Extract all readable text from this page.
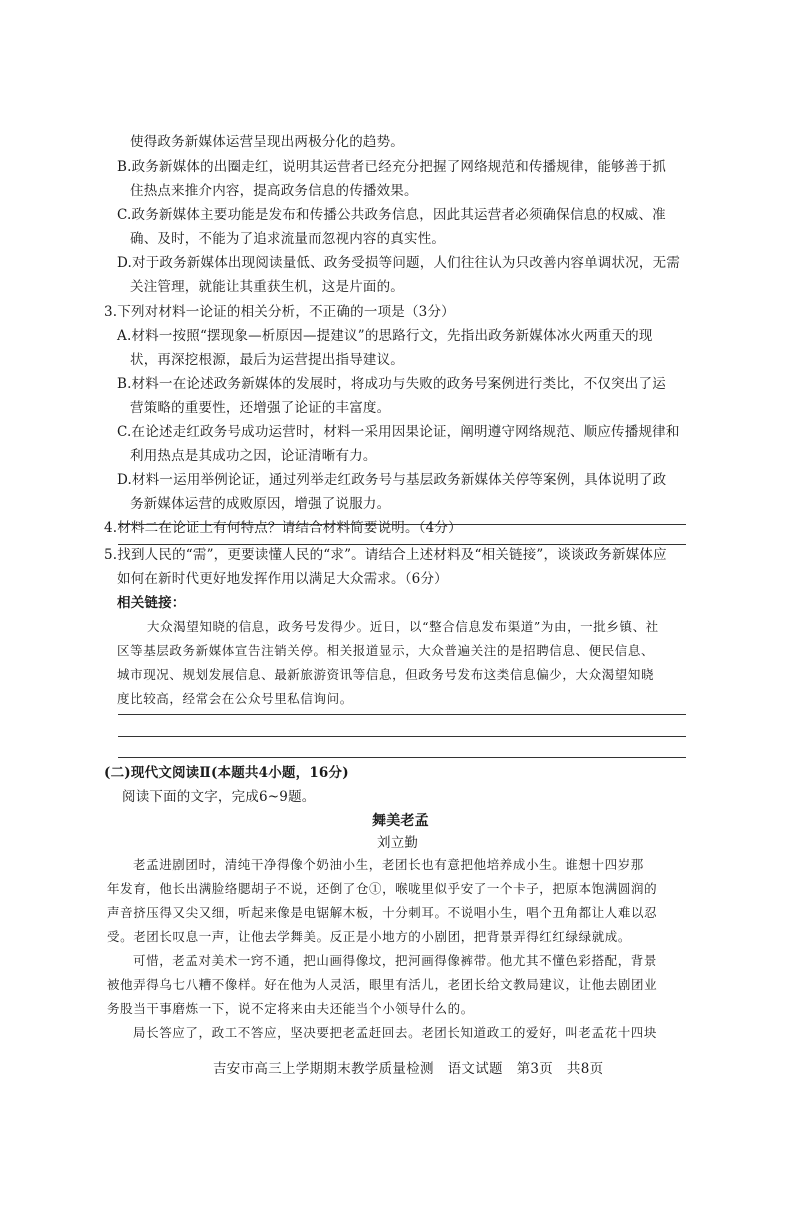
使得政务新媒体运营呈现出两极分化的趋势。
B.政务新媒体的出圈走红，说明其运营者已经充分把握了网络规范和传播规律，能够善于抓
住热点来推介内容，提高政务信息的传播效果。
C.政务新媒体主要功能是发布和传播公共政务信息，因此其运营者必须确保信息的权威、准
确、及时，不能为了追求流量而忽视内容的真实性。
D.对于政务新媒体出现阅读量低、政务受损等问题，人们往往认为只改善内容单调状况，无需
关注管理，就能让其重获生机，这是片面的。
3.下列对材料一论证的相关分析，不正确的一项是（3分）
A.材料一按照“摆现象—析原因—提建议”的思路行文，先指出政务新媒体冰火两重天的现
状，再深挖根源，最后为运营提出指导建议。
B.材料一在论述政务新媒体的发展时，将成功与失败的政务号案例进行类比，不仅突出了运
营策略的重要性，还增强了论证的丰富度。
C.在论述走红政务号成功运营时，材料一采用因果论证，阐明遵守网络规范、顺应传播规律和
利用热点是其成功之因，论证清晰有力。
D.材料一运用举例论证，通过列举走红政务号与基层政务新媒体关停等案例，具体说明了政
务新媒体运营的成败原因，增强了说服力。
4.材料二在论证上有何特点？请结合材料简要说明。（4分）
5.找到人民的“需”，更要读懂人民的“求”。请结合上述材料及“相关链接”，谈谈政务新媒体应
如何在新时代更好地发挥作用以满足大众需求。（6分）
相关链接：
大众渴望知晓的信息，政务号发得少。近日，以“整合信息发布渠道”为由，一批乡镇、社
区等基层政务新媒体宣告注销关停。相关报道显示，大众普遍关注的是招聘信息、便民信息、
城市现况、规划发展信息、最新旅游资讯等信息，但政务号发布这类信息偏少，大众渴望知晓
度比较高，经常会在公众号里私信询问。
(二)现代文阅读Ⅱ(本题共4小题，16分)
阅读下面的文字，完成6~9题。
舞美老孟
刘立勤
老孟进剧团时，清纯干净得像个奶油小生，老团长也有意把他培养成小生。谁想十四岁那
年发育，他长出满脸络腮胡子不说，还倒了仓①，喉咙里似乎安了一个卡子，把原本饱满圆润的
声音挤压得又尖又细，听起来像是电锯解木板，十分刺耳。不说唱小生，唱个丑角都让人难以忍
受。老团长叹息一声，让他去学舞美。反正是小地方的小剧团，把背景弄得红红绿绿就成。
可惜，老孟对美术一窍不通，把山画得像坟，把河画得像裤带。他尤其不懂色彩搭配，背景
被他弄得乌七八糟不像样。好在他为人灵活，眼里有活儿，老团长给文教局建议，让他去剧团业
务股当干事磨炼一下，说不定将来由夫还能当个小领导什么的。
局长答应了，政工不答应，坚决要把老孟赶回去。老团长知道政工的爱好，叫老孟花十四块
吉安市高三上学期期末教学质量检测　语文试题　第3页　共8页
